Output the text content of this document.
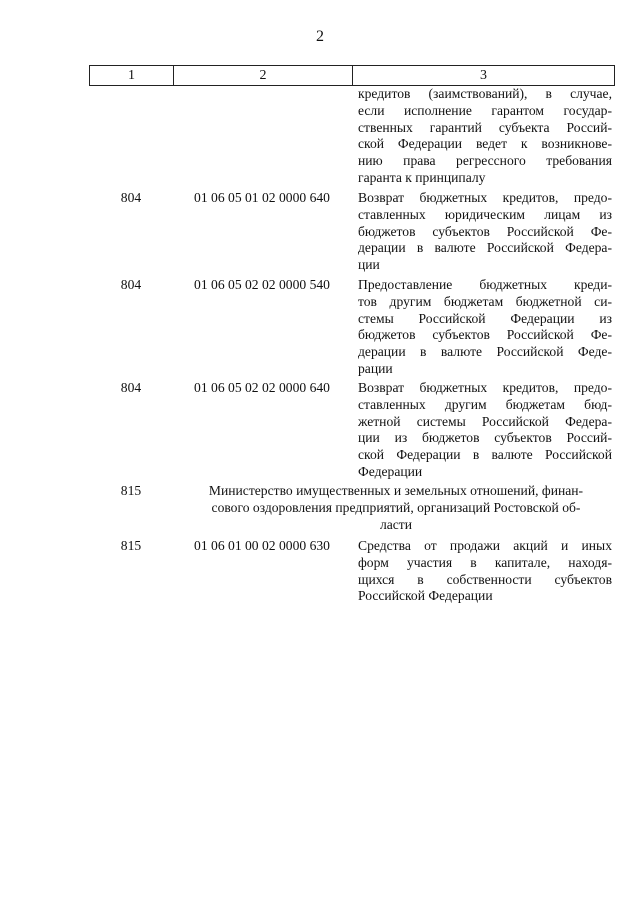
2
1	2	3
кредитов (заимствований), в случае,
если исполнение гарантом государ-
ственных гарантий субъекта Россий-
ской Федерации ведет к возникнове-
нию права регрессного требования
гаранта к принципалу
804	01 06 05 01 02 0000 640	Возврат бюджетных кредитов, предо-
ставленных юридическим лицам из
бюджетов субъектов Российской Фе-
дерации в валюте Российской Федера-
ции
804	01 06 05 02 02 0000 540	Предоставление бюджетных креди-
тов другим бюджетам бюджетной си-
стемы Российской Федерации из
бюджетов субъектов Российской Фе-
дерации в валюте Российской Феде-
рации
804	01 06 05 02 02 0000 640	Возврат бюджетных кредитов, предо-
ставленных другим бюджетам бюд-
жетной системы Российской Федера-
ции из бюджетов субъектов Россий-
ской Федерации в валюте Российской
Федерации
815	Министерство имущественных и земельных отношений, финан-
сового оздоровления предприятий, организаций Ростовской об-
ласти
815	01 06 01 00 02 0000 630	Средства от продажи акций и иных
форм участия в капитале, находя-
щихся в собственности субъектов
Российской Федерации
